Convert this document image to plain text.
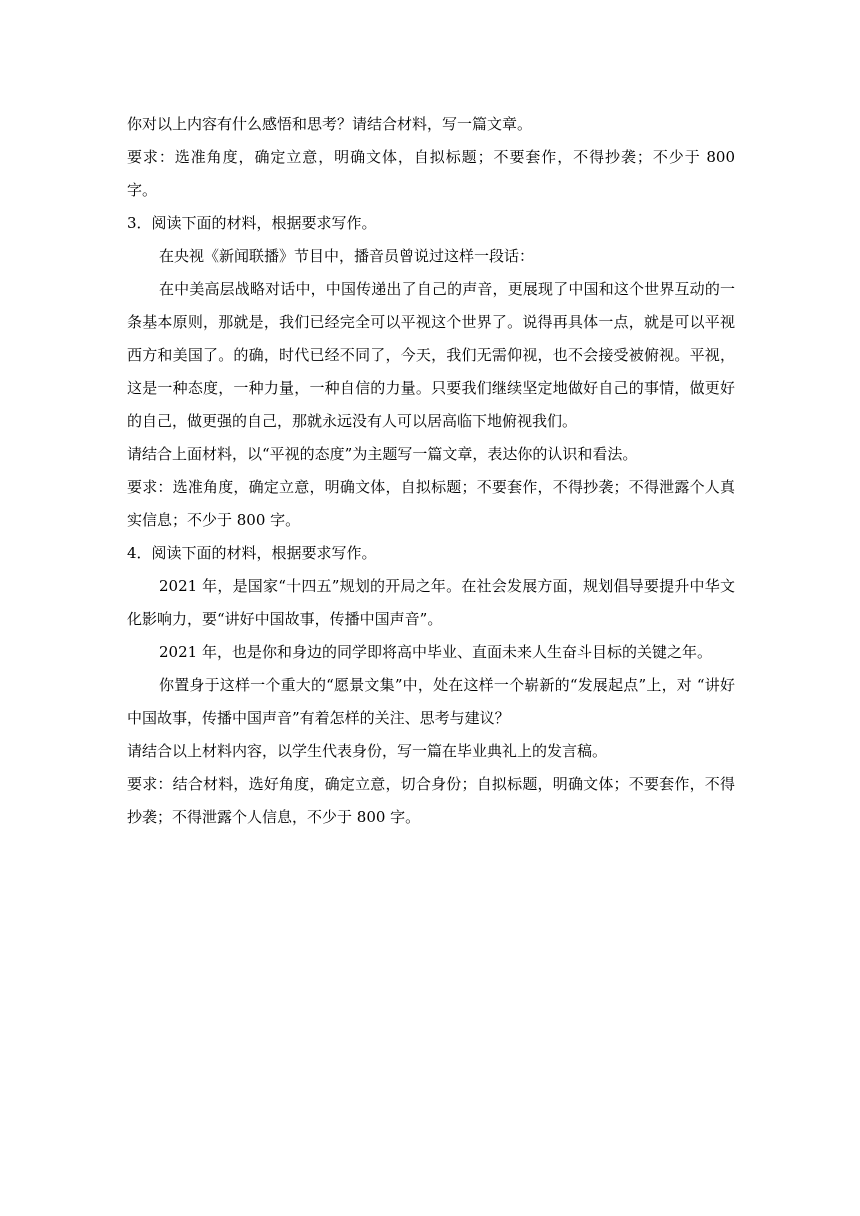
你对以上内容有什么感悟和思考？请结合材料，写一篇文章。

要求：选准角度，确定立意，明确文体，自拟标题；不要套作，不得抄袭；不少于 800 字。

3．阅读下面的材料，根据要求写作。

在央视《新闻联播》节目中，播音员曾说过这样一段话：

在中美高层战略对话中，中国传递出了自己的声音，更展现了中国和这个世界互动的一条基本原则，那就是，我们已经完全可以平视这个世界了。说得再具体一点，就是可以平视西方和美国了。的确，时代已经不同了，今天，我们无需仰视，也不会接受被俯视。平视，这是一种态度，一种力量，一种自信的力量。只要我们继续坚定地做好自己的事情，做更好的自己，做更强的自己，那就永远没有人可以居高临下地俯视我们。

请结合上面材料，以“平视的态度”为主题写一篇文章，表达你的认识和看法。

要求：选准角度，确定立意，明确文体，自拟标题；不要套作，不得抄袭；不得泄露个人真实信息；不少于 800 字。

4．阅读下面的材料，根据要求写作。

2021 年，是国家“十四五”规划的开局之年。在社会发展方面，规划倡导要提升中华文化影响力，要“讲好中国故事，传播中国声音”。

2021 年，也是你和身边的同学即将高中毕业、直面未来人生奋斗目标的关键之年。

你置身于这样一个重大的“愿景文集”中，处在这样一个崭新的“发展起点”上，对 “讲好中国故事，传播中国声音”有着怎样的关注、思考与建议？

请结合以上材料内容，以学生代表身份，写一篇在毕业典礼上的发言稿。

要求：结合材料，选好角度，确定立意，切合身份；自拟标题，明确文体；不要套作，不得抄袭；不得泄露个人信息，不少于 800 字。
